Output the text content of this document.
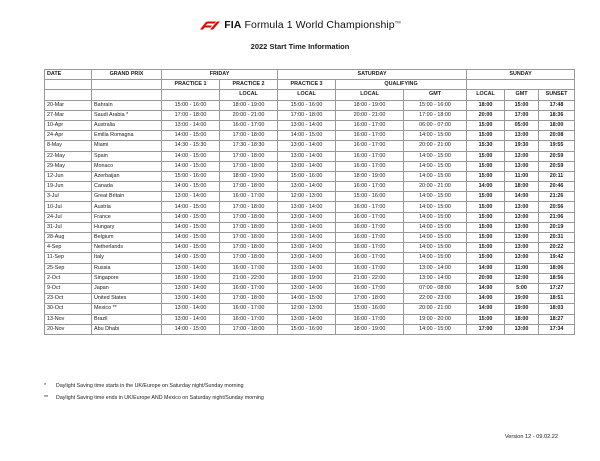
FIA Formula 1 World Championship™
2022 Start Time Information
DATE	GRAND PRIX	FRIDAY		SATURDAY			SUNDAY		
		PRACTICE 1	PRACTICE 2	PRACTICE 3	QUALIFYING				
			LOCAL	LOCAL	LOCAL	GMT	LOCAL	GMT	SUNSET
20-Mar	Bahrain	15:00 - 16:00	18:00 - 19:00	15:00 - 16:00	18:00 - 19:00	15:00 - 16:00	18:00	15:00	17:48
27-Mar	Saudi Arabia *	17:00 - 18:00	20:00 - 21:00	17:00 - 18:00	20:00 - 21:00	17:00 - 18:00	20:00	17:00	18:36
10-Apr	Australia	13:00 - 14:00	16:00 - 17:00	13:00 - 14:00	16:00 - 17:00	06:00 - 07:00	15:00	05:00	18:00
24-Apr	Emilia Romagna	14:00 - 15:00	17:00 - 18:00	14:00 - 15:00	16:00 - 17:00	14:00 - 15:00	15:00	13:00	20:08
8-May	Miami	14:30 - 15:30	17:30 - 18:30	13:00 - 14:00	16:00 - 17:00	20:00 - 21:00	15:30	19:30	19:55
22-May	Spain	14:00 - 15:00	17:00 - 18:00	13:00 - 14:00	16:00 - 17:00	14:00 - 15:00	15:00	13:00	20:59
29-May	Monaco	14:00 - 15:00	17:00 - 18:00	13:00 - 14:00	16:00 - 17:00	14:00 - 15:00	15:00	13:00	20:59
12-Jun	Azerbaijan	15:00 - 16:00	18:00 - 19:00	15:00 - 16:00	18:00 - 19:00	14:00 - 15:00	15:00	11:00	20:11
19-Jun	Canada	14:00 - 15:00	17:00 - 18:00	13:00 - 14:00	16:00 - 17:00	20:00 - 21:00	14:00	18:00	20:46
3-Jul	Great Britain	13:00 - 14:00	16:00 - 17:00	12:00 - 13:00	15:00 - 16:00	14:00 - 15:00	15:00	14:00	21:26
10-Jul	Austria	14:00 - 15:00	17:00 - 18:00	13:00 - 14:00	16:00 - 17:00	14:00 - 15:00	15:00	13:00	20:56
24-Jul	France	14:00 - 15:00	17:00 - 18:00	13:00 - 14:00	16:00 - 17:00	14:00 - 15:00	15:00	13:00	21:06
31-Jul	Hungary	14:00 - 15:00	17:00 - 18:00	13:00 - 14:00	16:00 - 17:00	14:00 - 15:00	15:00	13:00	20:19
28-Aug	Belgium	14:00 - 15:00	17:00 - 18:00	13:00 - 14:00	16:00 - 17:00	14:00 - 15:00	15:00	13:00	20:31
4-Sep	Netherlands	14:00 - 15:00	17:00 - 18:00	13:00 - 14:00	16:00 - 17:00	14:00 - 15:00	15:00	13:00	20:22
11-Sep	Italy	14:00 - 15:00	17:00 - 18:00	13:00 - 14:00	16:00 - 17:00	14:00 - 15:00	15:00	13:00	19:42
25-Sep	Russia	13:00 - 14:00	16:00 - 17:00	13:00 - 14:00	16:00 - 17:00	13:00 - 14:00	14:00	11:00	18:06
2-Oct	Singapore	18:00 - 19:00	21:00 - 22:00	18:00 - 19:00	21:00 - 22:00	13:00 - 14:00	20:00	12:00	18:56
9-Oct	Japan	13:00 - 14:00	16:00 - 17:00	13:00 - 14:00	16:00 - 17:00	07:00 - 08:00	14:00	5:00	17:27
23-Oct	United States	13:00 - 14:00	17:00 - 18:00	14:00 - 15:00	17:00 - 18:00	22:00 - 23:00	14:00	19:00	18:51
30-Oct	Mexico **	13:00 - 14:00	16:00 - 17:00	12:00 - 13:00	15:00 - 16:00	20:00 - 21:00	14:00	19:00	18:03
13-Nov	Brazil	13:00 - 14:00	16:00 - 17:00	13:00 - 14:00	16:00 - 17:00	19:00 - 20:00	15:00	18:00	18:27
20-Nov	Abu Dhabi	14:00 - 15:00	17:00 - 18:00	15:00 - 16:00	18:00 - 19:00	14:00 - 15:00	17:00	13:00	17:34
* Daylight Saving time starts in the UK/Europe on Saturday night/Sunday morning
** Daylight Saving time ends in UK/Europe AND Mexico on Saturday night/Sunday morning
Version 12 - 09.02.22
